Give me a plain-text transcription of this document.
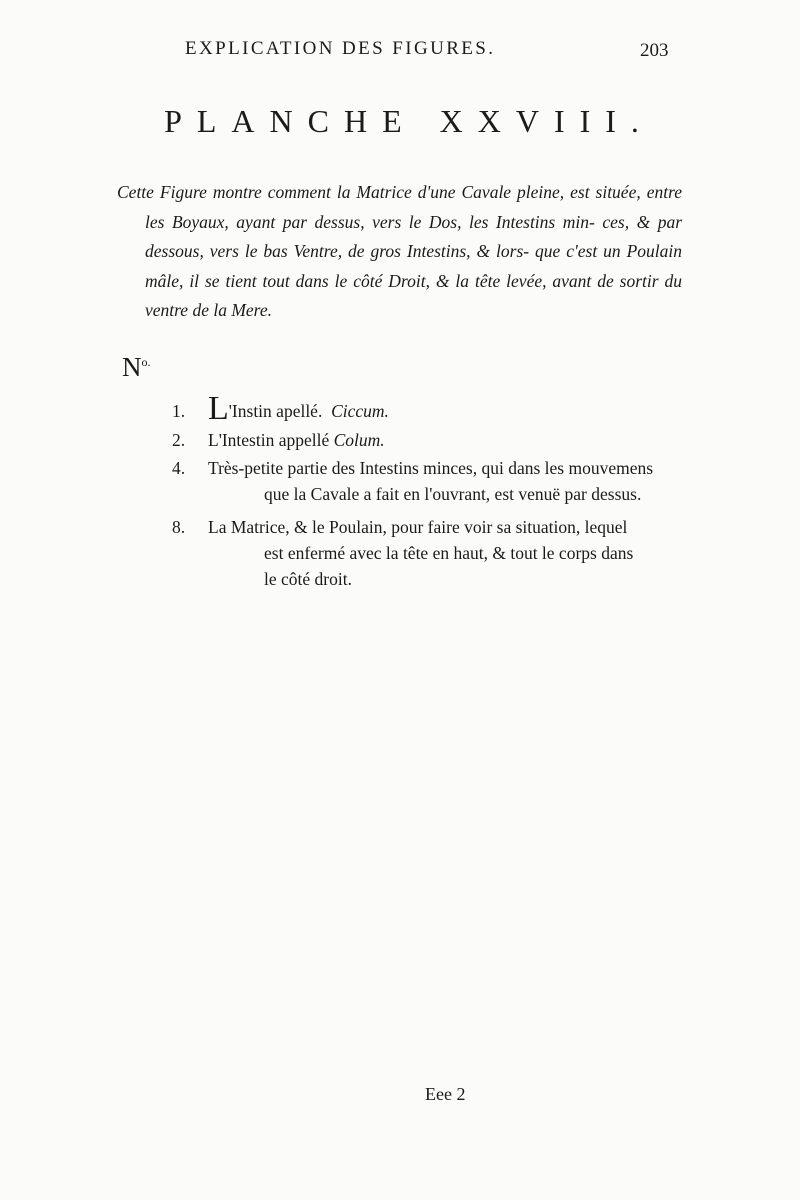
EXPLICATION DES FIGURES.	203
PLANCHE XXVIII.

Cette Figure montre comment la Matrice d'une Cavale pleine, est située, entre les Boyaux, ayant par dessus, vers le Dos, les Intestins min- ces, & par dessous, vers le bas Ventre, de gros Intestins, & lors- que c'est un Poulain mâle, il se tient tout dans le côté Droit, & la tête levée, avant de sortir du ventre de la Mere.

$N^{o.}$
1. L'Instin apellé. Ciccum.
2.	L'Intestin appellé Colum.
4.	Très-petite partie des Intestins minces, qui dans les mouvemens
que la Cavale a fait en l'ouvrant, est venuë par dessus.
8.	La Matrice, & le Poulain, pour faire voir sa situation, lequel
est enfermé avec la tête en haut, & tout le corps dans
le côté droit.
Eee 2
